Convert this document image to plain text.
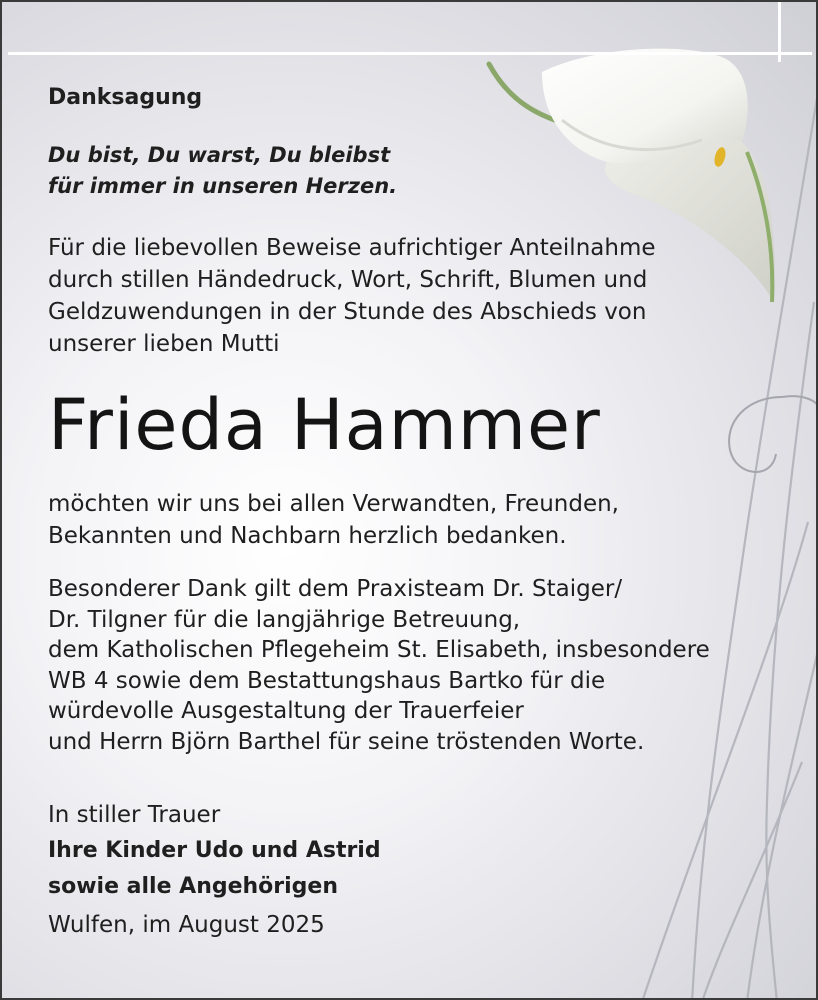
Danksagung
Du bist, Du warst, Du bleibst
für immer in unseren Herzen.
Für die liebevollen Beweise aufrichtiger Anteilnahme
durch stillen Händedruck, Wort, Schrift, Blumen und
Geldzuwendungen in der Stunde des Abschieds von
unserer lieben Mutti
Frieda Hammer
möchten wir uns bei allen Verwandten, Freunden,
Bekannten und Nachbarn herzlich bedanken.
Besonderer Dank gilt dem Praxisteam Dr. Staiger/
Dr. Tilgner für die langjährige Betreuung,
dem Katholischen Pflegeheim St. Elisabeth, insbesondere
WB 4 sowie dem Bestattungshaus Bartko für die
würdevolle Ausgestaltung der Trauerfeier
und Herrn Björn Barthel für seine tröstenden Worte.
In stiller Trauer
Ihre Kinder Udo und Astrid
sowie alle Angehörigen
Wulfen, im August 2025
